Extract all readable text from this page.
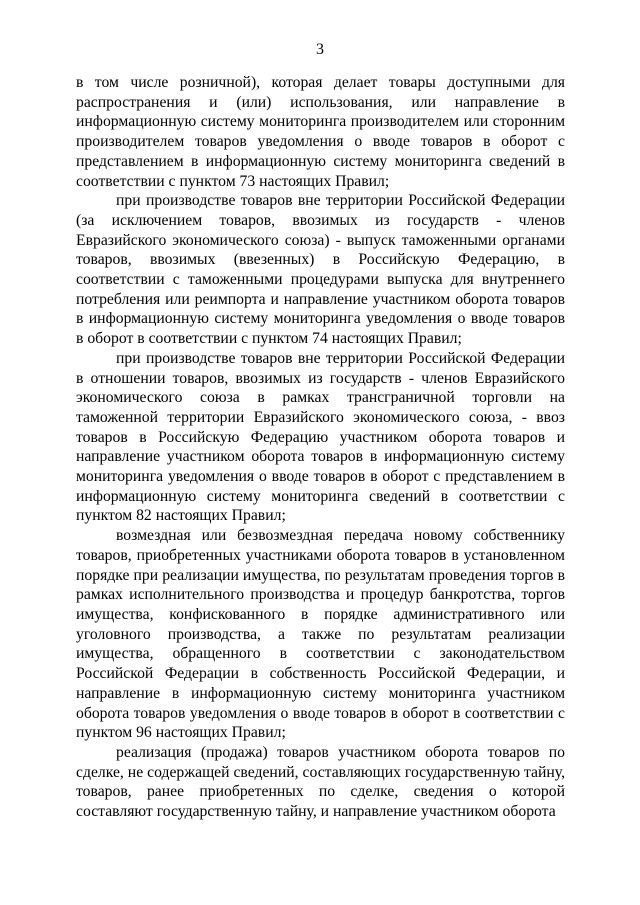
3

в том числе розничной), которая делает товары доступными для распространения и (или) использования, или направление в информационную систему мониторинга производителем или сторонним производителем товаров уведомления о вводе товаров в оборот с представлением в информационную систему мониторинга сведений в соответствии с пунктом 73 настоящих Правил;

при производстве товаров вне территории Российской Федерации (за исключением товаров, ввозимых из государств - членов Евразийского экономического союза) - выпуск таможенными органами товаров, ввозимых (ввезенных) в Российскую Федерацию, в соответствии с таможенными процедурами выпуска для внутреннего потребления или реимпорта и направление участником оборота товаров в информационную систему мониторинга уведомления о вводе товаров в оборот в соответствии с пунктом 74 настоящих Правил;

при производстве товаров вне территории Российской Федерации в отношении товаров, ввозимых из государств - членов Евразийского экономического союза в рамках трансграничной торговли на таможенной территории Евразийского экономического союза, - ввоз товаров в Российскую Федерацию участником оборота товаров и направление участником оборота товаров в информационную систему мониторинга уведомления о вводе товаров в оборот с представлением в информационную систему мониторинга сведений в соответствии с пунктом 82 настоящих Правил;

возмездная или безвозмездная передача новому собственнику товаров, приобретенных участниками оборота товаров в установленном порядке при реализации имущества, по результатам проведения торгов в рамках исполнительного производства и процедур банкротства, торгов имущества, конфискованного в порядке административного или уголовного производства, а также по результатам реализации имущества, обращенного в соответствии с законодательством Российской Федерации в собственность Российской Федерации, и направление в информационную систему мониторинга участником оборота товаров уведомления о вводе товаров в оборот в соответствии с пунктом 96 настоящих Правил;

реализация (продажа) товаров участником оборота товаров по сделке, не содержащей сведений, составляющих государственную тайну, товаров, ранее приобретенных по сделке, сведения о которой составляют государственную тайну, и направление участником оборота
